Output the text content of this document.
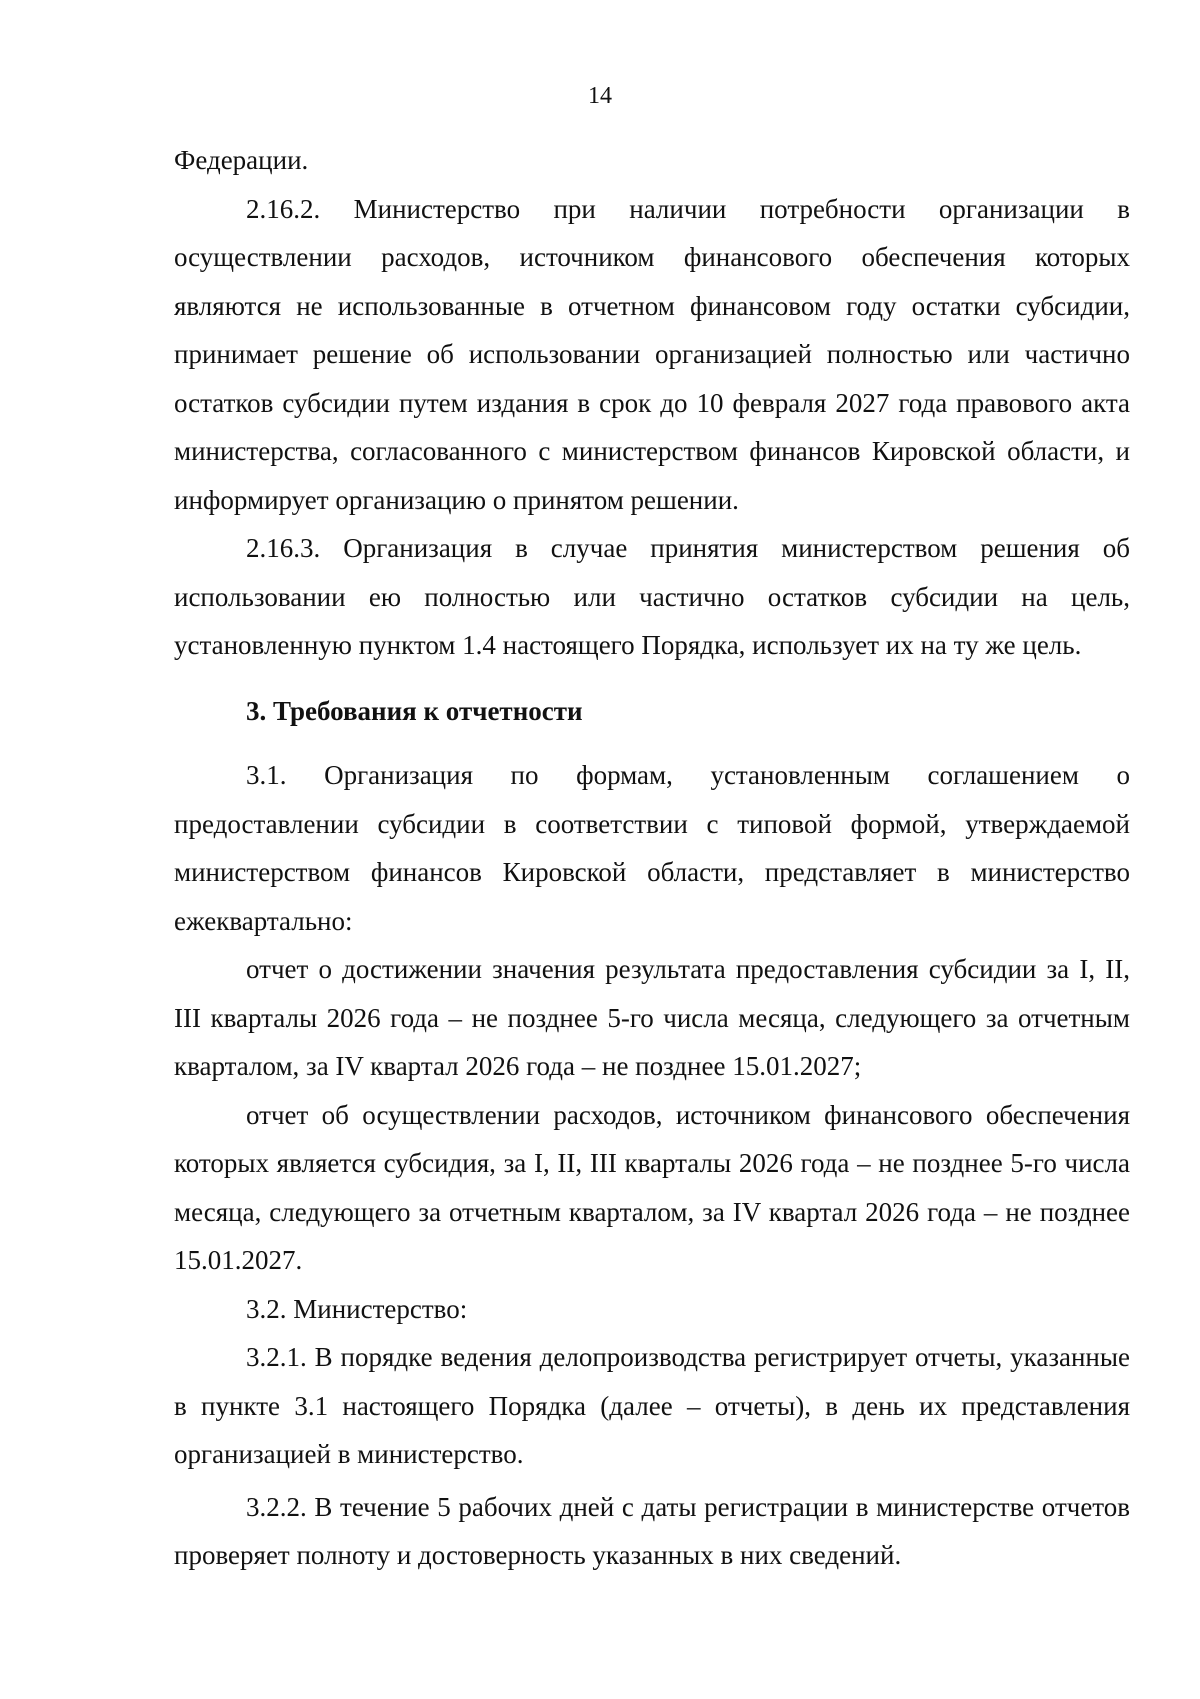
14

Федерации.

2.16.2. Министерство при наличии потребности организации в осуществлении расходов, источником финансового обеспечения которых являются не использованные в отчетном финансовом году остатки субсидии, принимает решение об использовании организацией полностью или частично остатков субсидии путем издания в срок до 10 февраля 2027 года правового акта министерства, согласованного с министерством финансов Кировской области, и информирует организацию о принятом решении.

2.16.3. Организация в случае принятия министерством решения об использовании ею полностью или частично остатков субсидии на цель, установленную пунктом 1.4 настоящего Порядка, использует их на ту же цель.

3. Требования к отчетности

3.1. Организация по формам, установленным соглашением о предоставлении субсидии в соответствии с типовой формой, утверждаемой министерством финансов Кировской области, представляет в министерство ежеквартально:

отчет о достижении значения результата предоставления субсидии за I, II, III кварталы 2026 года – не позднее 5-го числа месяца, следующего за отчетным кварталом, за IV квартал 2026 года – не позднее 15.01.2027;

отчет об осуществлении расходов, источником финансового обеспечения которых является субсидия, за I, II, III кварталы 2026 года – не позднее 5-го числа месяца, следующего за отчетным кварталом, за IV квартал 2026 года – не позднее 15.01.2027.

3.2. Министерство:

3.2.1. В порядке ведения делопроизводства регистрирует отчеты, указанные в пункте 3.1 настоящего Порядка (далее – отчеты), в день их представления организацией в министерство.

3.2.2. В течение 5 рабочих дней с даты регистрации в министерстве отчетов проверяет полноту и достоверность указанных в них сведений.
